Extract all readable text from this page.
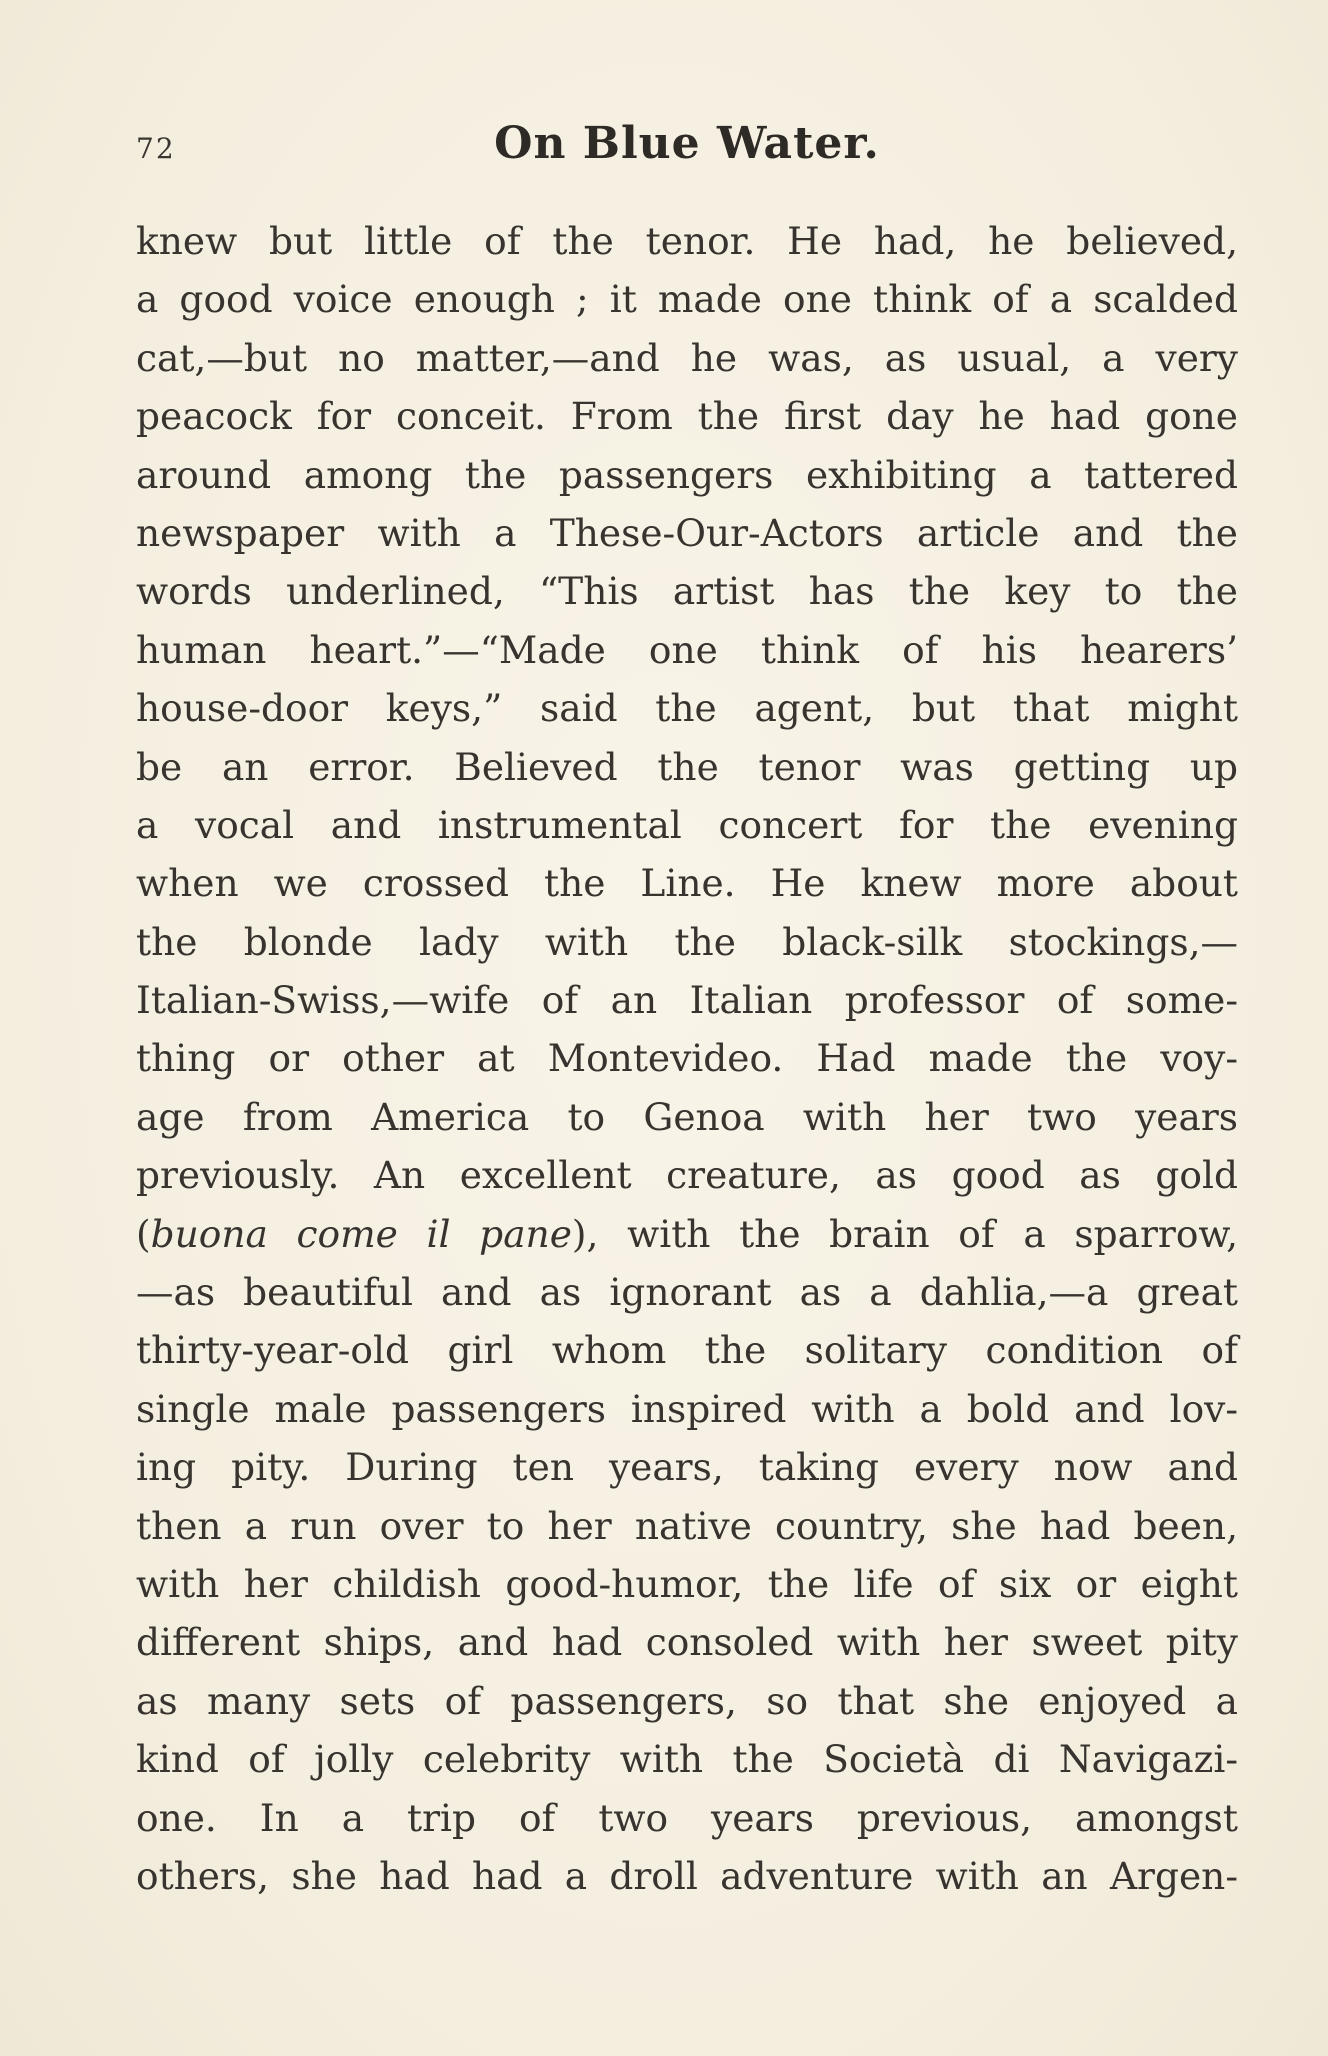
72	On Blue Water.
knew but little of the tenor. He had, he believed,
a good voice enough ; it made one think of a scalded
cat,—but no matter,—and he was, as usual, a very
peacock for conceit. From the first day he had gone
around among the passengers exhibiting a tattered
newspaper with a These-Our-Actors article and the
words underlined, “This artist has the key to the
human heart.”—“Made one think of his hearers’
house-door keys,” said the agent, but that might
be an error. Believed the tenor was getting up
a vocal and instrumental concert for the evening
when we crossed the Line. He knew more about
the blonde lady with the black-silk stockings,—
Italian-Swiss,—wife of an Italian professor of some-
thing or other at Montevideo. Had made the voy-
age from America to Genoa with her two years
previously. An excellent creature, as good as gold
(buona come il pane), with the brain of a sparrow,
—as beautiful and as ignorant as a dahlia,—a great
thirty-year-old girl whom the solitary condition of
single male passengers inspired with a bold and lov-
ing pity. During ten years, taking every now and
then a run over to her native country, she had been,
with her childish good-humor, the life of six or eight
different ships, and had consoled with her sweet pity
as many sets of passengers, so that she enjoyed a
kind of jolly celebrity with the Società di Navigazi-
one. In a trip of two years previous, amongst
others, she had had a droll adventure with an Argen-
